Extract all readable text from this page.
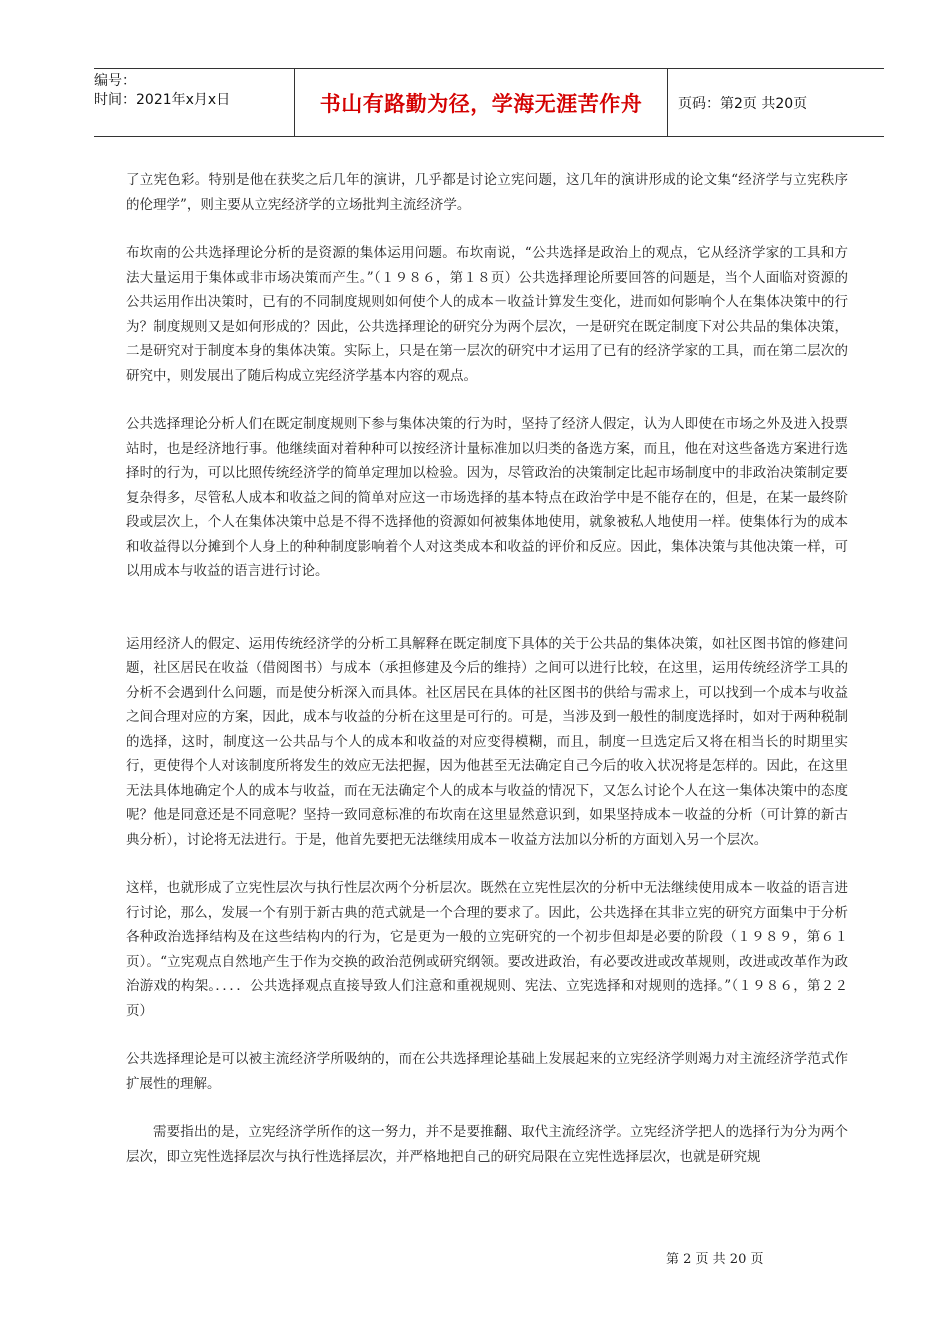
编号：
时间：2021年x月x日	书山有路勤为径，学海无涯苦作舟	页码：第2页 共20页

了立宪色彩。特别是他在获奖之后几年的演讲，几乎都是讨论立宪问题，这几年的演讲形成的论文集“经济学与立宪秩序的伦理学”，则主要从立宪经济学的立场批判主流经济学。

布坎南的公共选择理论分析的是资源的集体运用问题。布坎南说，“公共选择是政治上的观点，它从经济学家的工具和方法大量运用于集体或非市场决策而产生。”（１９８６，第１８页）公共选择理论所要回答的问题是，当个人面临对资源的公共运用作出决策时，已有的不同制度规则如何使个人的成本－收益计算发生变化，进而如何影响个人在集体决策中的行为？制度规则又是如何形成的？因此，公共选择理论的研究分为两个层次，一是研究在既定制度下对公共品的集体决策，二是研究对于制度本身的集体决策。实际上，只是在第一层次的研究中才运用了已有的经济学家的工具，而在第二层次的研究中，则发展出了随后构成立宪经济学基本内容的观点。

公共选择理论分析人们在既定制度规则下参与集体决策的行为时，坚持了经济人假定，认为人即使在市场之外及进入投票站时，也是经济地行事。他继续面对着种种可以按经济计量标准加以归类的备选方案，而且，他在对这些备选方案进行选择时的行为，可以比照传统经济学的简单定理加以检验。因为，尽管政治的决策制定比起市场制度中的非政治决策制定要复杂得多，尽管私人成本和收益之间的简单对应这一市场选择的基本特点在政治学中是不能存在的，但是，在某一最终阶段或层次上，个人在集体决策中总是不得不选择他的资源如何被集体地使用，就象被私人地使用一样。使集体行为的成本和收益得以分摊到个人身上的种种制度影响着个人对这类成本和收益的评价和反应。因此，集体决策与其他决策一样，可以用成本与收益的语言进行讨论。

运用经济人的假定、运用传统经济学的分析工具解释在既定制度下具体的关于公共品的集体决策，如社区图书馆的修建问题，社区居民在收益（借阅图书）与成本（承担修建及今后的维持）之间可以进行比较，在这里，运用传统经济学工具的分析不会遇到什么问题，而是使分析深入而具体。社区居民在具体的社区图书的供给与需求上，可以找到一个成本与收益之间合理对应的方案，因此，成本与收益的分析在这里是可行的。可是，当涉及到一般性的制度选择时，如对于两种税制的选择，这时，制度这一公共品与个人的成本和收益的对应变得模糊，而且，制度一旦选定后又将在相当长的时期里实行，更使得个人对该制度所将发生的效应无法把握，因为他甚至无法确定自己今后的收入状况将是怎样的。因此，在这里无法具体地确定个人的成本与收益，而在无法确定个人的成本与收益的情况下，又怎么讨论个人在这一集体决策中的态度呢？他是同意还是不同意呢？坚持一致同意标准的布坎南在这里显然意识到，如果坚持成本－收益的分析（可计算的新古典分析），讨论将无法进行。于是，他首先要把无法继续用成本－收益方法加以分析的方面划入另一个层次。

这样，也就形成了立宪性层次与执行性层次两个分析层次。既然在立宪性层次的分析中无法继续使用成本－收益的语言进行讨论，那么，发展一个有别于新古典的范式就是一个合理的要求了。因此，公共选择在其非立宪的研究方面集中于分析各种政治选择结构及在这些结构内的行为，它是更为一般的立宪研究的一个初步但却是必要的阶段（１９８９，第６１页）。“立宪观点自然地产生于作为交换的政治范例或研究纲领。要改进政治，有必要改进或改革规则，改进或改革作为政治游戏的构架。．．．．公共选择观点直接导致人们注意和重视规则、宪法、立宪选择和对规则的选择。”（１９８６，第２２页）

公共选择理论是可以被主流经济学所吸纳的，而在公共选择理论基础上发展起来的立宪经济学则竭力对主流经济学范式作扩展性的理解。

需要指出的是，立宪经济学所作的这一努力，并不是要推翻、取代主流经济学。立宪经济学把人的选择行为分为两个层次，即立宪性选择层次与执行性选择层次，并严格地把自己的研究局限在立宪性选择层次，也就是研究规

第 2 页 共 20 页
